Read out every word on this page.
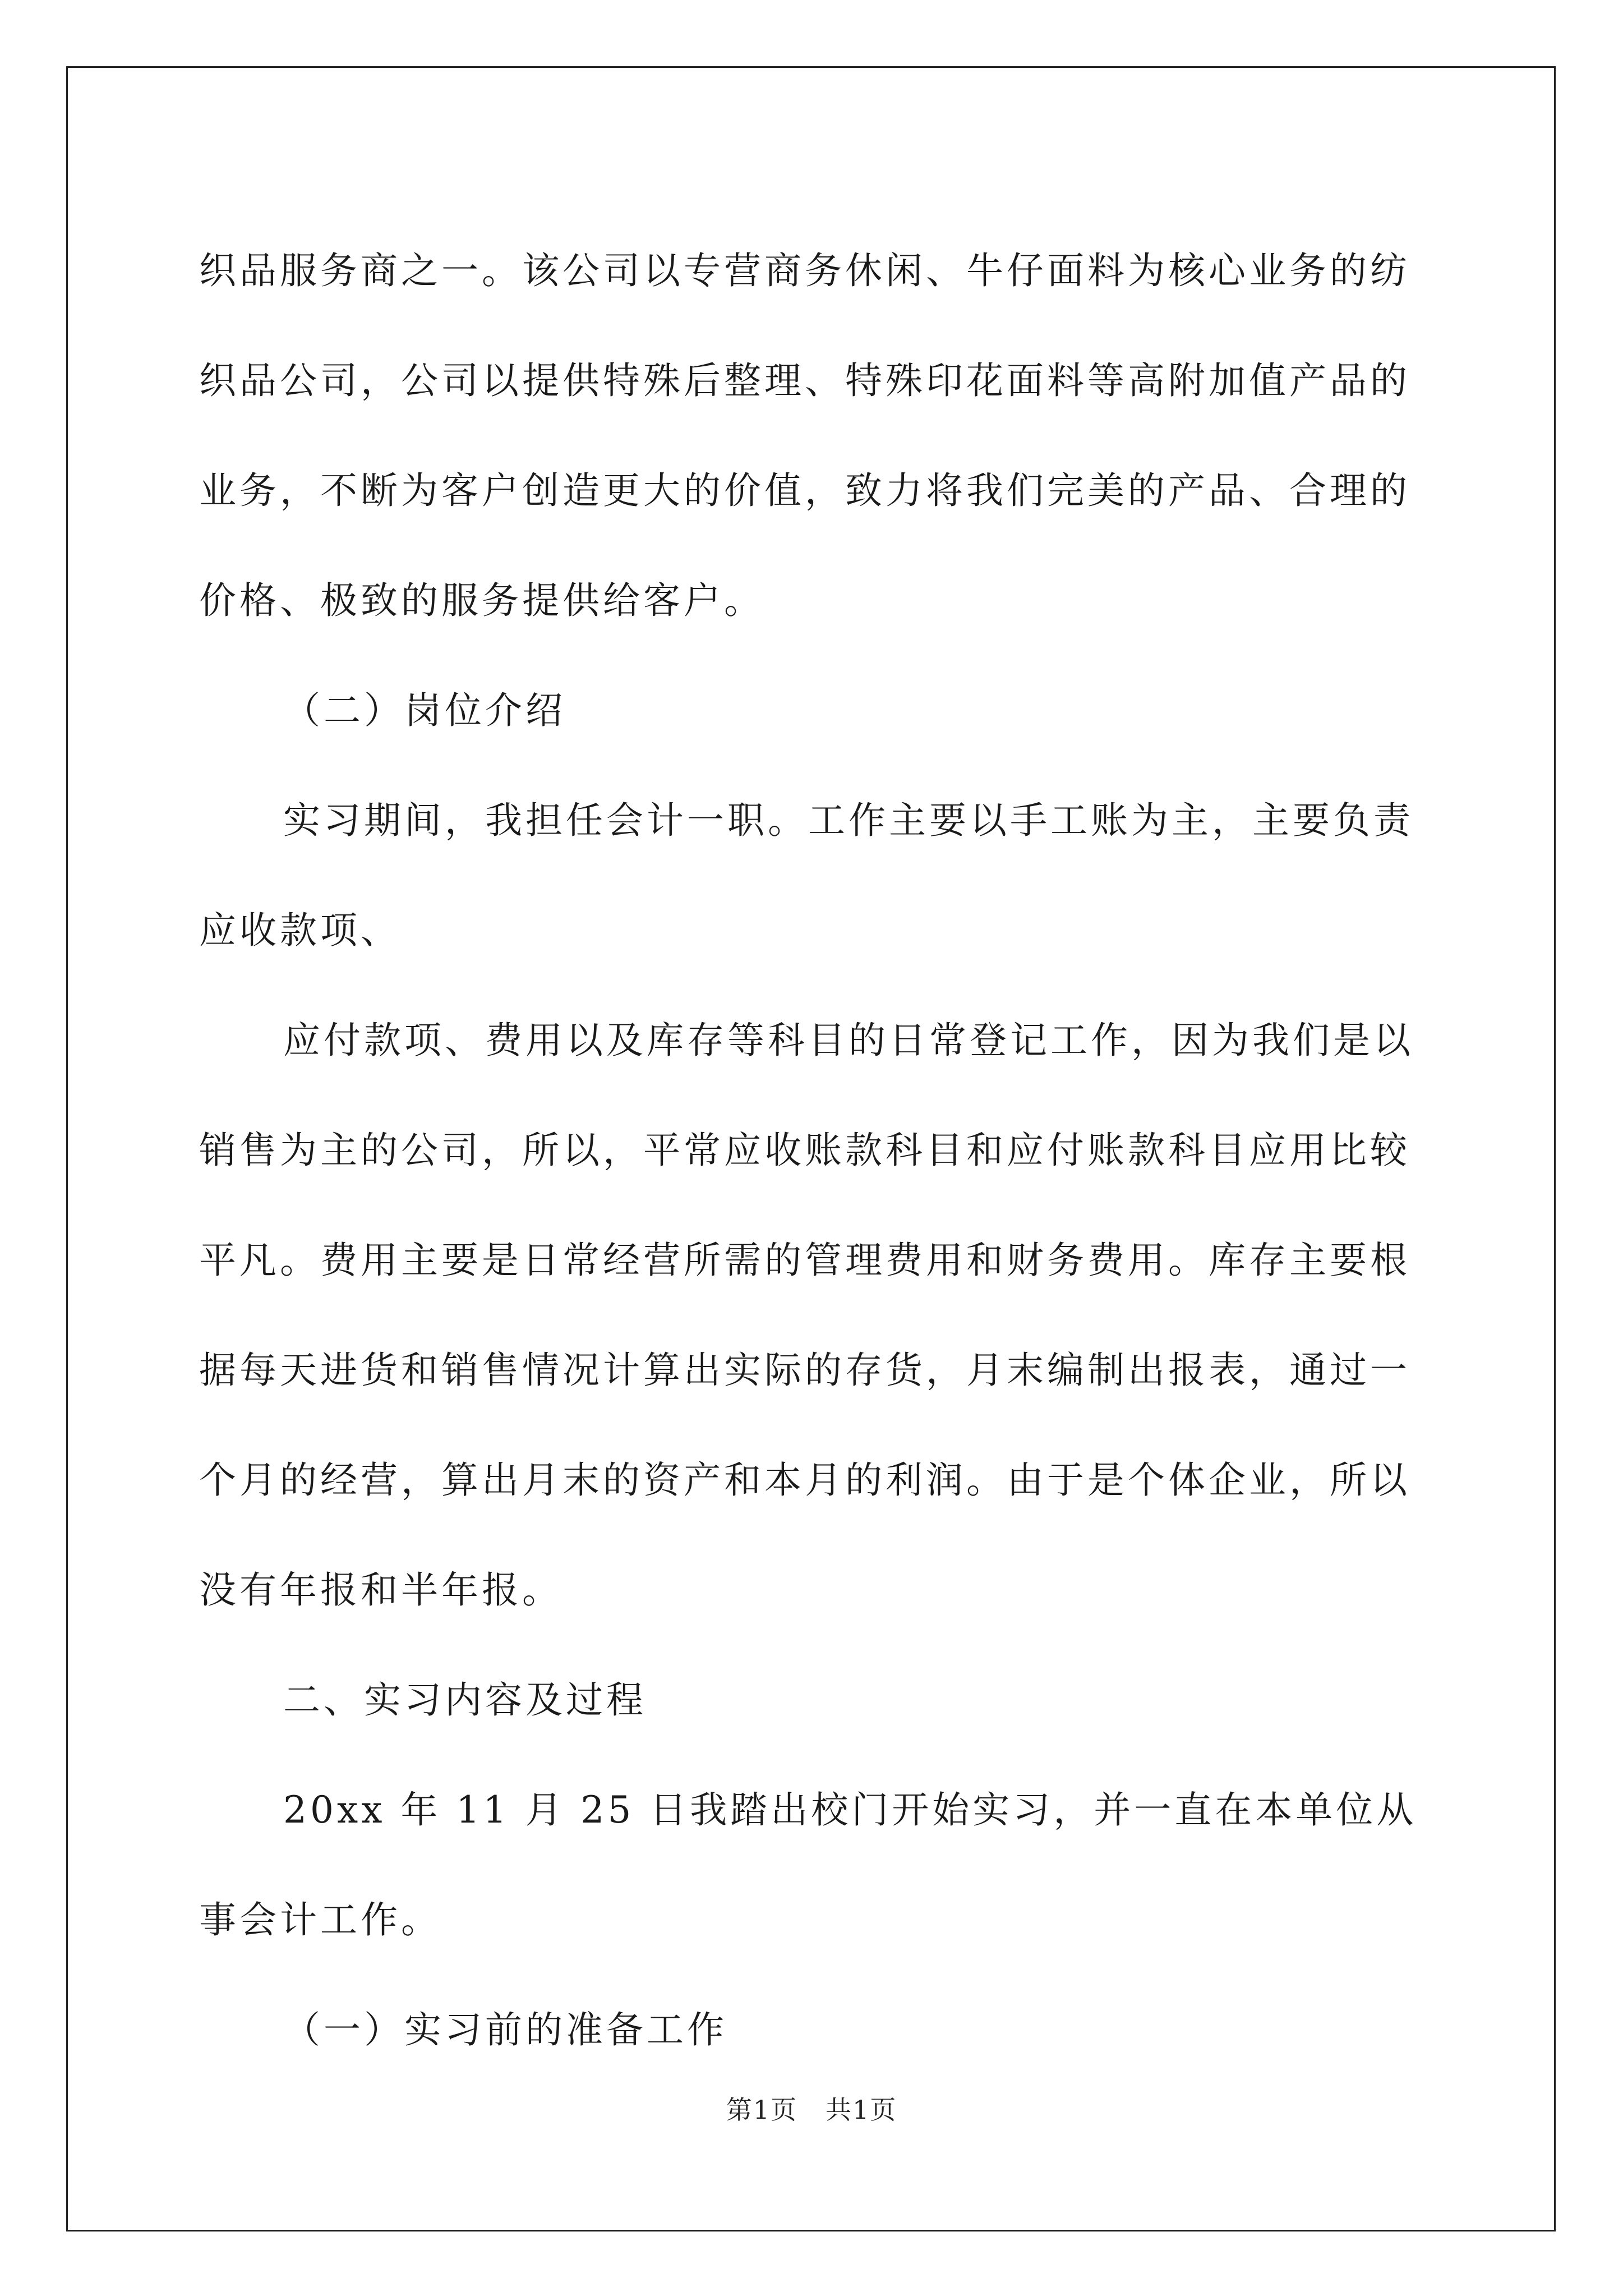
织品服务商之一。该公司以专营商务休闲、牛仔面料为核心业务的纺织品公司，公司以提供特殊后整理、特殊印花面料等高附加值产品的业务，不断为客户创造更大的价值，致力将我们完美的产品、合理的价格、极致的服务提供给客户。

（二）岗位介绍

实习期间，我担任会计一职。工作主要以手工账为主，主要负责应收款项、

应付款项、费用以及库存等科目的日常登记工作，因为我们是以销售为主的公司，所以，平常应收账款科目和应付账款科目应用比较平凡。费用主要是日常经营所需的管理费用和财务费用。库存主要根据每天进货和销售情况计算出实际的存货，月末编制出报表，通过一个月的经营，算出月末的资产和本月的利润。由于是个体企业，所以没有年报和半年报。

二、实习内容及过程

20xx 年 11 月 25 日我踏出校门开始实习，并一直在本单位从事会计工作。

（一）实习前的准备工作

第1页 共1页
